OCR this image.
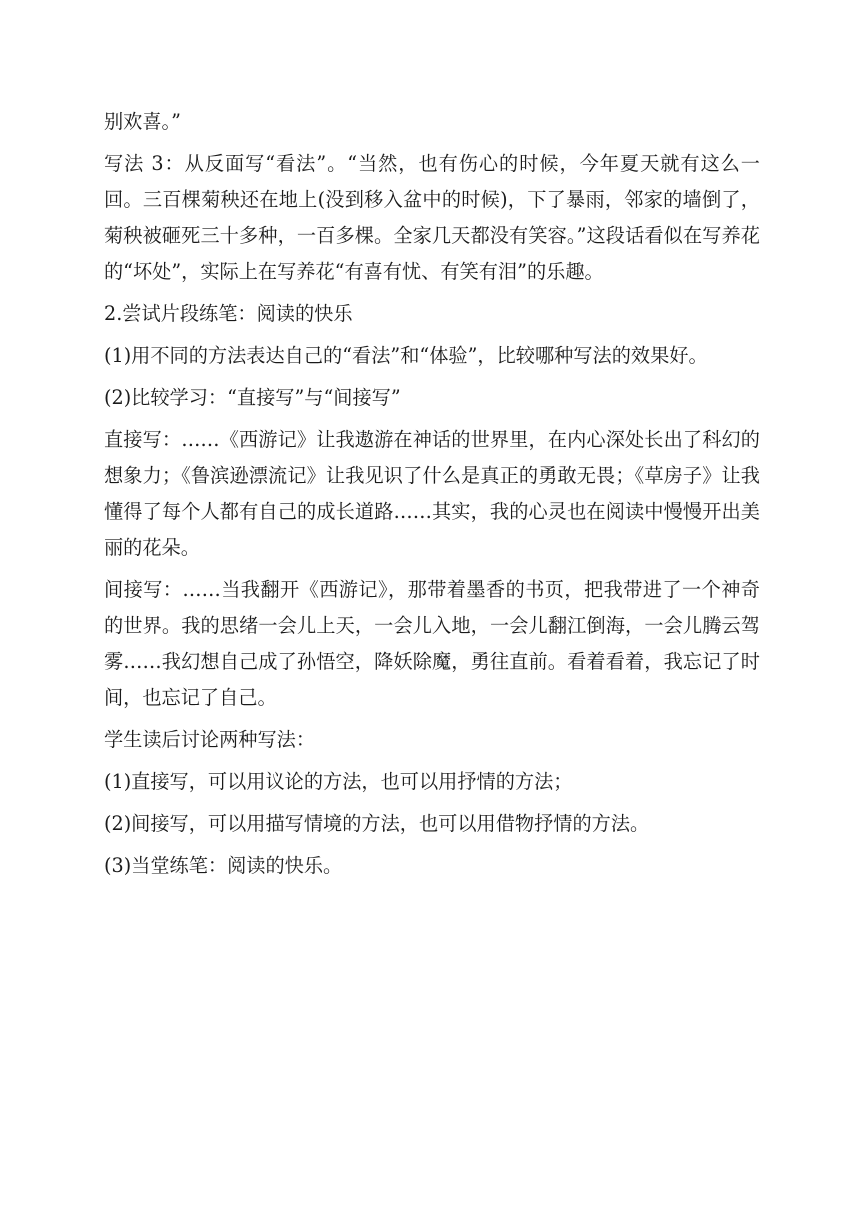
别欢喜。”

写法 3：从反面写“看法”。“当然，也有伤心的时候，今年夏天就有这么一回。三百棵菊秧还在地上(没到移入盆中的时候)，下了暴雨，邻家的墙倒了，菊秧被砸死三十多种，一百多棵。全家几天都没有笑容。”这段话看似在写养花的“坏处”，实际上在写养花“有喜有忧、有笑有泪”的乐趣。

2.尝试片段练笔：阅读的快乐

(1)用不同的方法表达自己的“看法”和“体验”，比较哪种写法的效果好。

(2)比较学习：“直接写”与“间接写”

直接写：……《西游记》让我遨游在神话的世界里，在内心深处长出了科幻的想象力；《鲁滨逊漂流记》让我见识了什么是真正的勇敢无畏；《草房子》让我懂得了每个人都有自己的成长道路……其实，我的心灵也在阅读中慢慢开出美丽的花朵。

间接写：……当我翻开《西游记》，那带着墨香的书页，把我带进了一个神奇的世界。我的思绪一会儿上天，一会儿入地，一会儿翻江倒海，一会儿腾云驾雾……我幻想自己成了孙悟空，降妖除魔，勇往直前。看着看着，我忘记了时间，也忘记了自己。

学生读后讨论两种写法：

(1)直接写，可以用议论的方法，也可以用抒情的方法；

(2)间接写，可以用描写情境的方法，也可以用借物抒情的方法。

(3)当堂练笔：阅读的快乐。
